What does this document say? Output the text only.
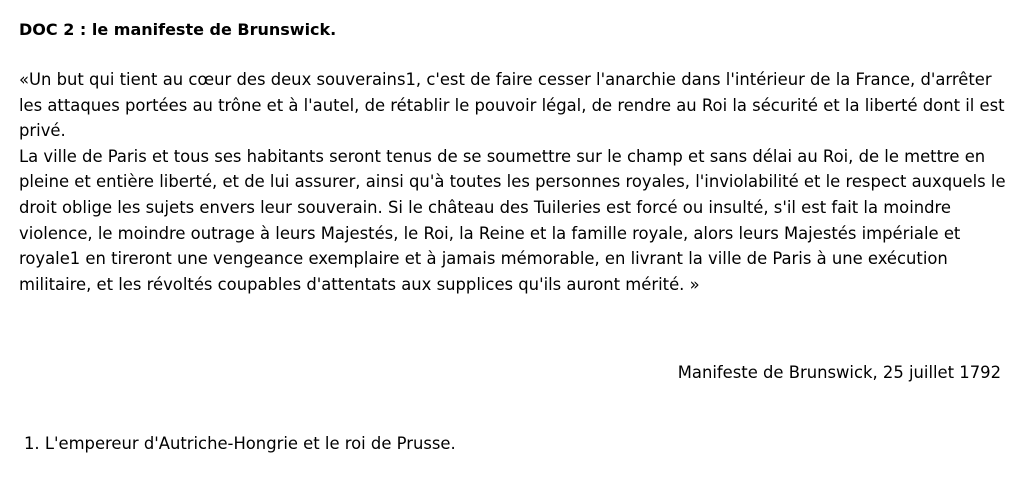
DOC 2 : le manifeste de Brunswick.

«Un but qui tient au cœur des deux souverains1, c'est de faire cesser l'anarchie dans l'intérieur de la France, d'arrêter les attaques portées au trône et à l'autel, de rétablir le pouvoir légal, de rendre au Roi la sécurité et la liberté dont il est privé.

La ville de Paris et tous ses habitants seront tenus de se soumettre sur le champ et sans délai au Roi, de le mettre en pleine et entière liberté, et de lui assurer, ainsi qu'à toutes les personnes royales, l'inviolabilité et le respect auxquels le droit oblige les sujets envers leur souverain. Si le château des Tuileries est forcé ou insulté, s'il est fait la moindre violence, le moindre outrage à leurs Majestés, le Roi, la Reine et la famille royale, alors leurs Majestés impériale et royale1 en tireront une vengeance exemplaire et à jamais mémorable, en livrant la ville de Paris à une exécution militaire, et les révoltés coupables d'attentats aux supplices qu'ils auront mérité. »

Manifeste de Brunswick, 25 juillet 1792
1. L'empereur d'Autriche-Hongrie et le roi de Prusse.
